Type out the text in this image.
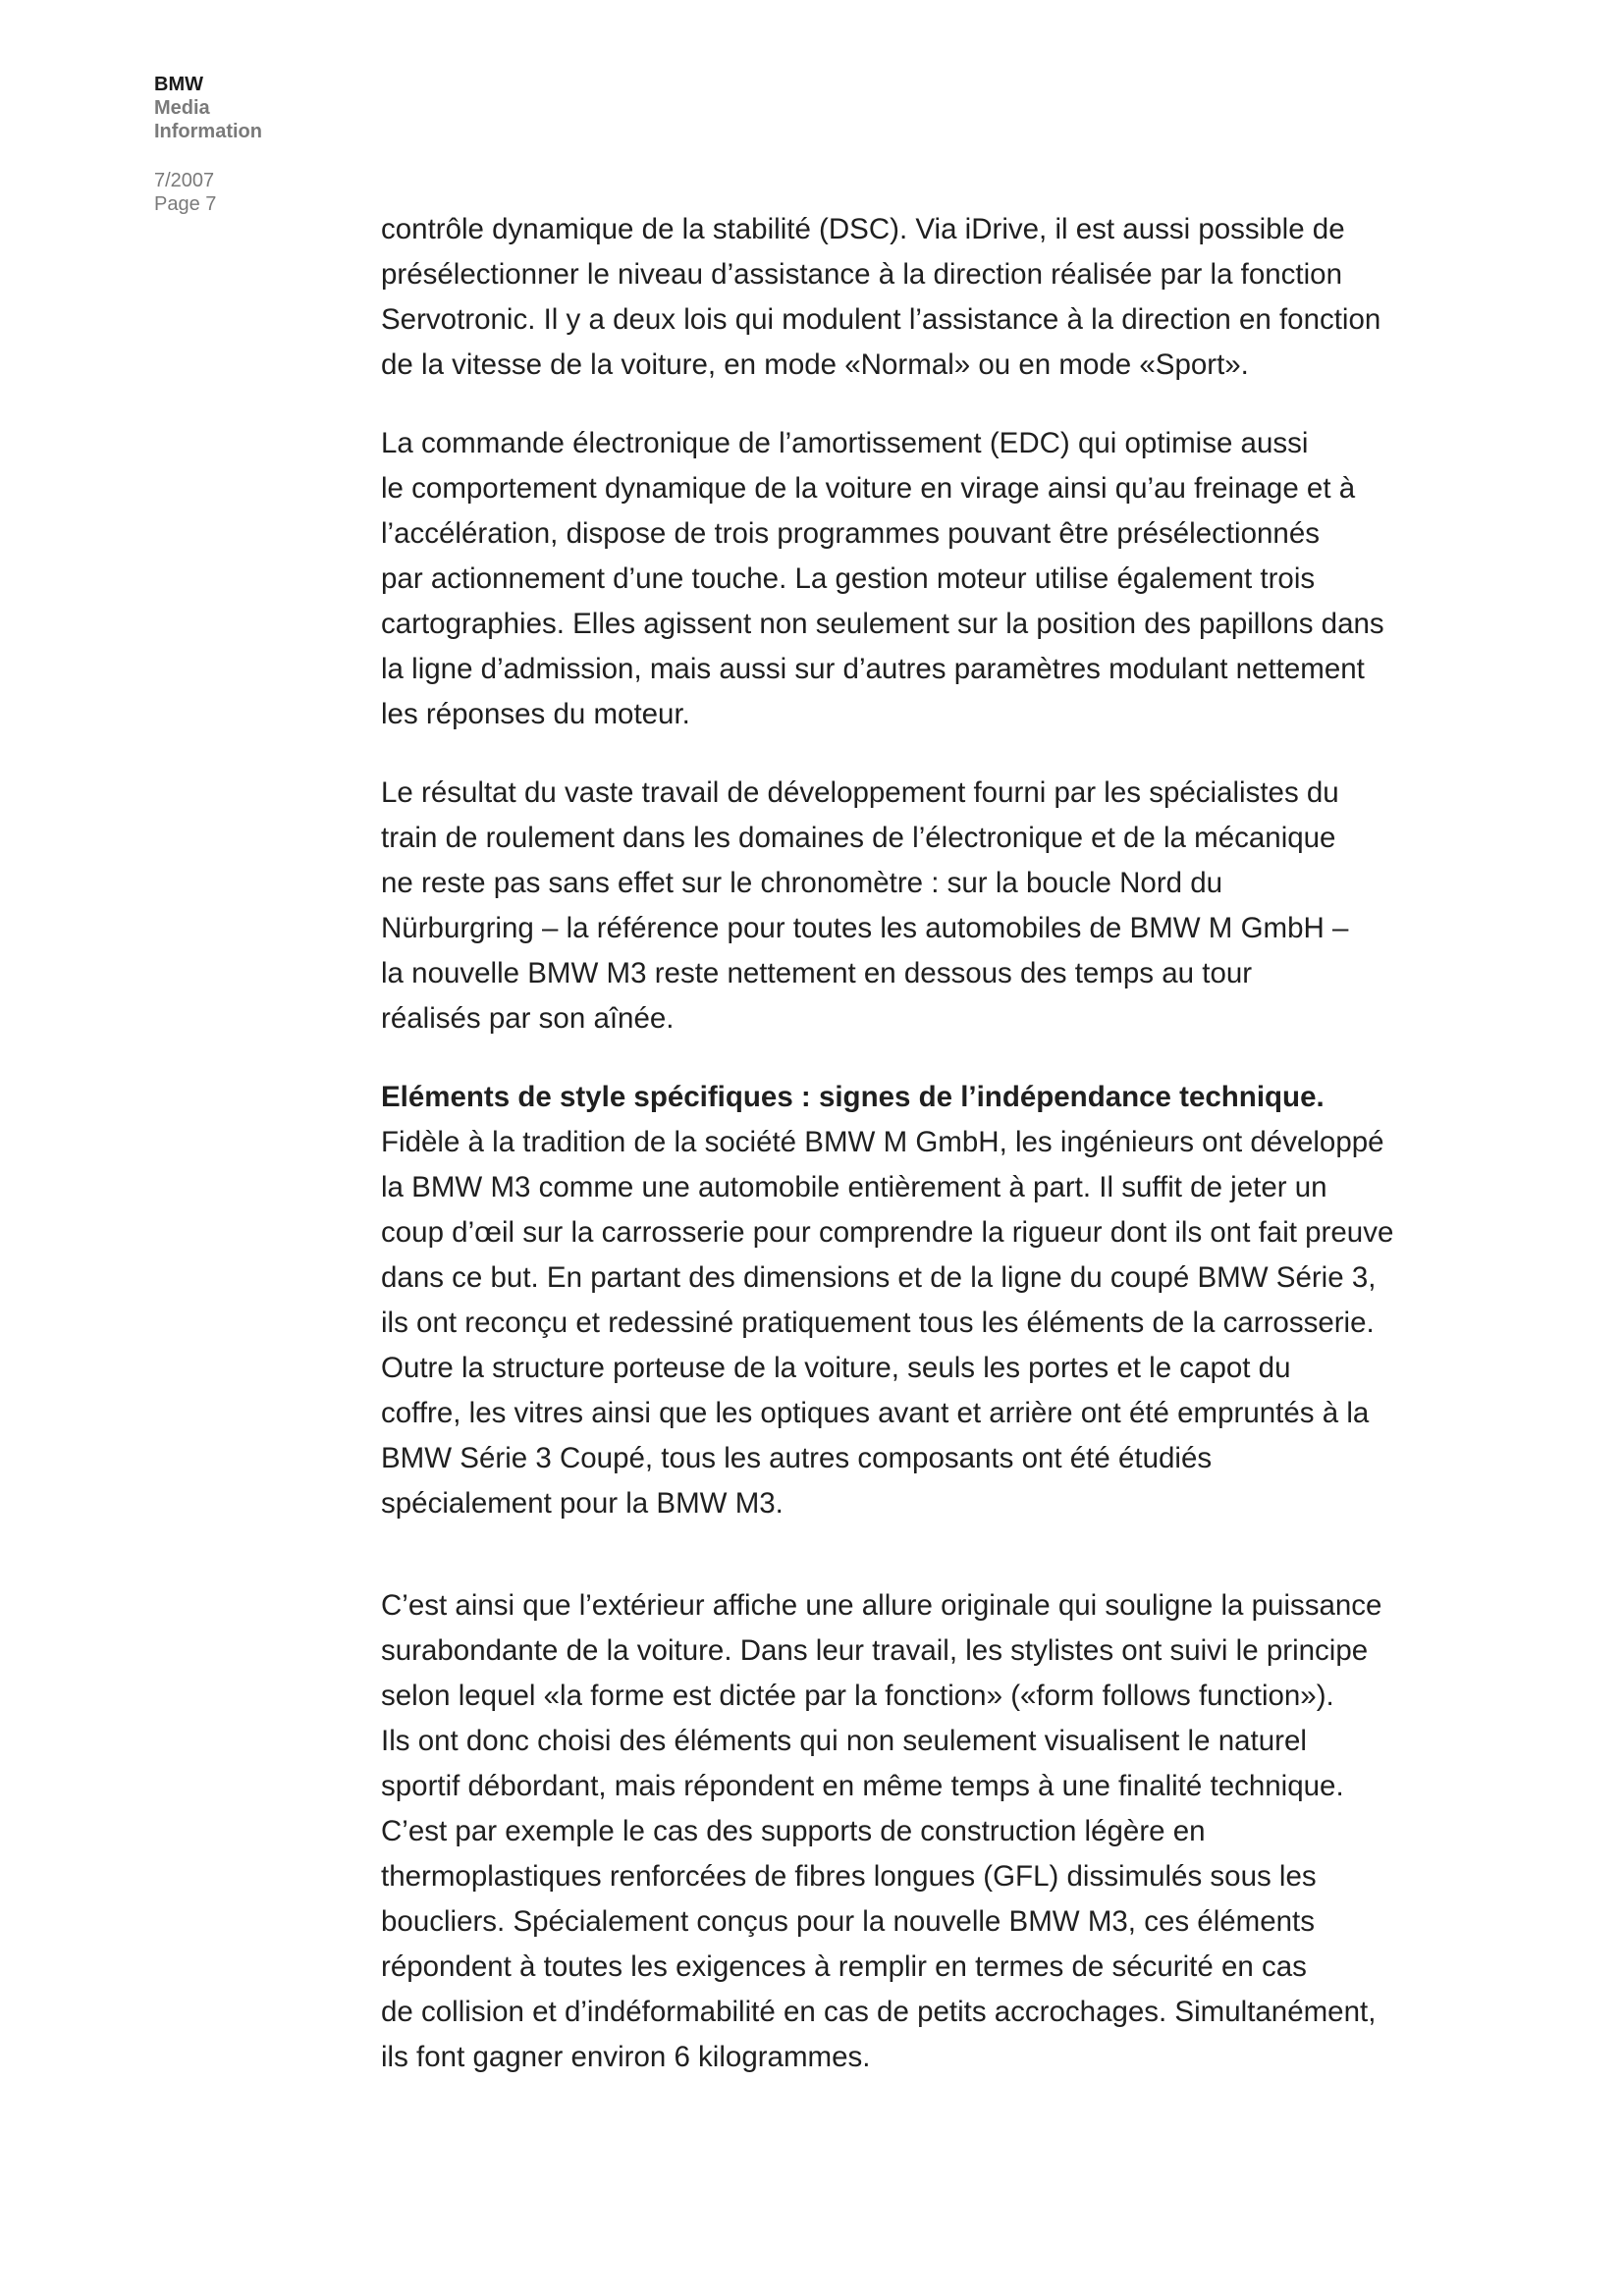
BMW

Media

Information

7/2007
Page 7

contrôle dynamique de la stabilité (DSC). Via iDrive, il est aussi possible de
présélectionner le niveau d’assistance à la direction réalisée par la fonction
Servotronic. Il y a deux lois qui modulent l’assistance à la direction en fonction
de la vitesse de la voiture, en mode «Normal» ou en mode «Sport».

La commande électronique de l’amortissement (EDC) qui optimise aussi
le comportement dynamique de la voiture en virage ainsi qu’au freinage et à
l’accélération, dispose de trois programmes pouvant être présélectionnés
par actionnement d’une touche. La gestion moteur utilise également trois
cartographies. Elles agissent non seulement sur la position des papillons dans
la ligne d’admission, mais aussi sur d’autres paramètres modulant nettement
les réponses du moteur.

Le résultat du vaste travail de développement fourni par les spécialistes du
train de roulement dans les domaines de l’électronique et de la mécanique
ne reste pas sans effet sur le chronomètre : sur la boucle Nord du
Nürburgring – la référence pour toutes les automobiles de BMW M GmbH –
la nouvelle BMW M3 reste nettement en dessous des temps au tour
réalisés par son aînée.

Eléments de style spécifiques : signes de l’indépendance technique.
Fidèle à la tradition de la société BMW M GmbH, les ingénieurs ont développé
la BMW M3 comme une automobile entièrement à part. Il suffit de jeter un
coup d’œil sur la carrosserie pour comprendre la rigueur dont ils ont fait preuve
dans ce but. En partant des dimensions et de la ligne du coupé BMW Série 3,
ils ont reconçu et redessiné pratiquement tous les éléments de la carrosserie.
Outre la structure porteuse de la voiture, seuls les portes et le capot du
coffre, les vitres ainsi que les optiques avant et arrière ont été empruntés à la
BMW Série 3 Coupé, tous les autres composants ont été étudiés
spécialement pour la BMW M3.

C’est ainsi que l’extérieur affiche une allure originale qui souligne la puissance
surabondante de la voiture. Dans leur travail, les stylistes ont suivi le principe
selon lequel «la forme est dictée par la fonction» («form follows function»).
Ils ont donc choisi des éléments qui non seulement visualisent le naturel
sportif débordant, mais répondent en même temps à une finalité technique.
C’est par exemple le cas des supports de construction légère en
thermoplastiques renforcées de fibres longues (GFL) dissimulés sous les
boucliers. Spécialement conçus pour la nouvelle BMW M3, ces éléments
répondent à toutes les exigences à remplir en termes de sécurité en cas
de collision et d’indéformabilité en cas de petits accrochages. Simultanément,
ils font gagner environ 6 kilogrammes.
